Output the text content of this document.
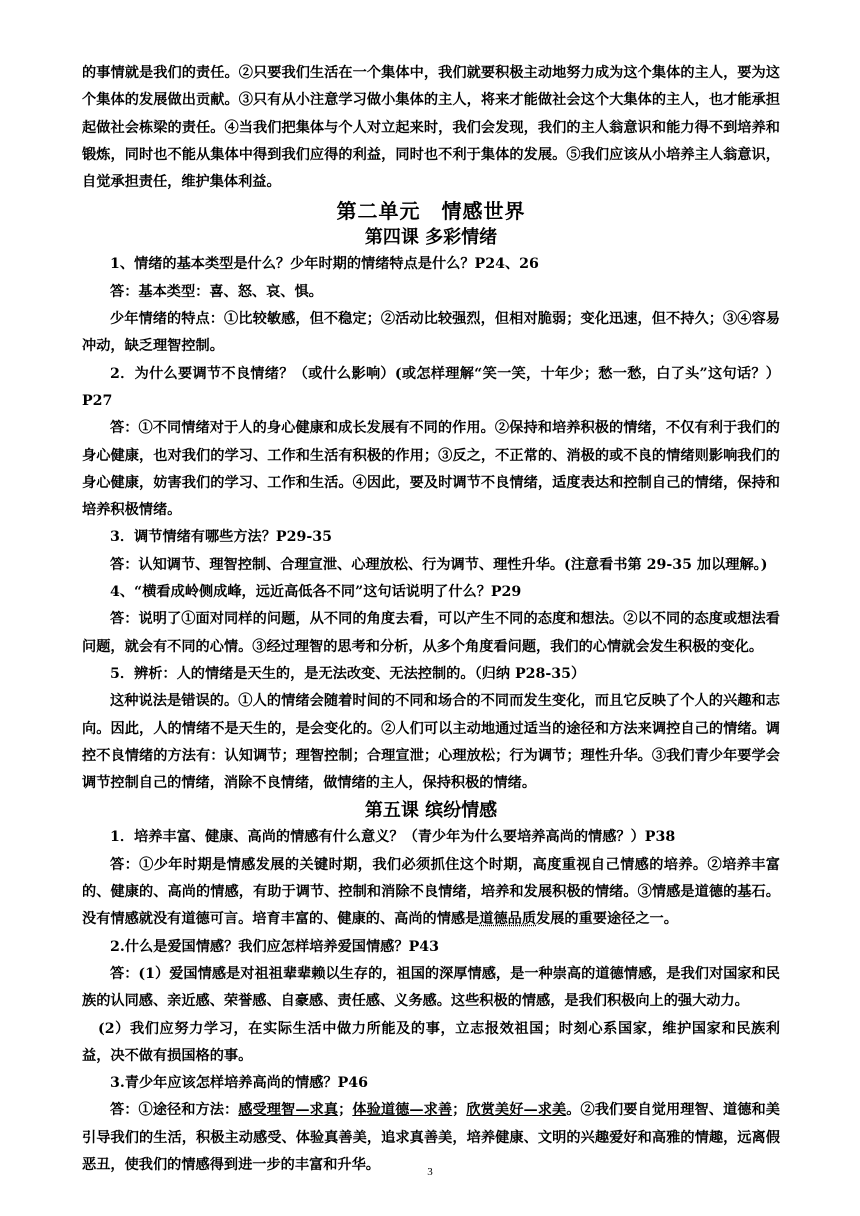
的事情就是我们的责任。②只要我们生活在一个集体中，我们就要积极主动地努力成为这个集体的主人，要为这个集体的发展做出贡献。③只有从小注意学习做小集体的主人，将来才能做社会这个大集体的主人，也才能承担起做社会栋梁的责任。④当我们把集体与个人对立起来时，我们会发现，我们的主人翁意识和能力得不到培养和锻炼，同时也不能从集体中得到我们应得的利益，同时也不利于集体的发展。⑤我们应该从小培养主人翁意识，自觉承担责任，维护集体利益。

第二单元　情感世界
第四课 多彩情绪

1、情绪的基本类型是什么？少年时期的情绪特点是什么？P24、26

答：基本类型：喜、怒、哀、惧。

少年情绪的特点：①比较敏感，但不稳定；②活动比较强烈，但相对脆弱；变化迅速，但不持久；③④容易冲动，缺乏理智控制。

2．为什么要调节不良情绪？（或什么影响）(或怎样理解“笑一笑，十年少；愁一愁，白了头”这句话？）P27

答：①不同情绪对于人的身心健康和成长发展有不同的作用。②保持和培养积极的情绪，不仅有利于我们的身心健康，也对我们的学习、工作和生活有积极的作用；③反之，不正常的、消极的或不良的情绪则影响我们的身心健康，妨害我们的学习、工作和生活。④因此，要及时调节不良情绪，适度表达和控制自己的情绪，保持和培养积极情绪。

3．调节情绪有哪些方法？P29-35

答：认知调节、理智控制、合理宣泄、心理放松、行为调节、理性升华。(注意看书第 29-35 加以理解。)

4、“横看成岭侧成峰，远近高低各不同”这句话说明了什么？P29

答：说明了①面对同样的问题，从不同的角度去看，可以产生不同的态度和想法。②以不同的态度或想法看问题，就会有不同的心情。③经过理智的思考和分析，从多个角度看问题，我们的心情就会发生积极的变化。

5．辨析：人的情绪是天生的，是无法改变、无法控制的。（归纳 P28-35）

这种说法是错误的。①人的情绪会随着时间的不同和场合的不同而发生变化，而且它反映了个人的兴趣和志向。因此，人的情绪不是天生的，是会变化的。②人们可以主动地通过适当的途径和方法来调控自己的情绪。调控不良情绪的方法有：认知调节；理智控制；合理宣泄；心理放松；行为调节；理性升华。③我们青少年要学会调节控制自己的情绪，消除不良情绪，做情绪的主人，保持积极的情绪。

第五课 缤纷情感

1．培养丰富、健康、高尚的情感有什么意义？（青少年为什么要培养高尚的情感？）P38

答：①少年时期是情感发展的关键时期，我们必须抓住这个时期，高度重视自己情感的培养。②培养丰富的、健康的、高尚的情感，有助于调节、控制和消除不良情绪，培养和发展积极的情绪。③情感是道德的基石。没有情感就没有道德可言。培育丰富的、健康的、高尚的情感是道德品质发展的重要途径之一。

2.什么是爱国情感？我们应怎样培养爱国情感？P43

答：(1）爱国情感是对祖祖辈辈赖以生存的，祖国的深厚情感，是一种崇高的道德情感，是我们对国家和民族的认同感、亲近感、荣誉感、自豪感、责任感、义务感。这些积极的情感，是我们积极向上的强大动力。

(2）我们应努力学习，在实际生活中做力所能及的事，立志报效祖国；时刻心系国家，维护国家和民族利益，决不做有损国格的事。

3.青少年应该怎样培养高尚的情感？P46

答：①途径和方法：感受理智—求真；体验道德—求善；欣赏美好—求美。②我们要自觉用理智、道德和美引导我们的生活，积极主动感受、体验真善美，追求真善美，培养健康、文明的兴趣爱好和高雅的情趣，远离假恶丑，使我们的情感得到进一步的丰富和升华。	3
